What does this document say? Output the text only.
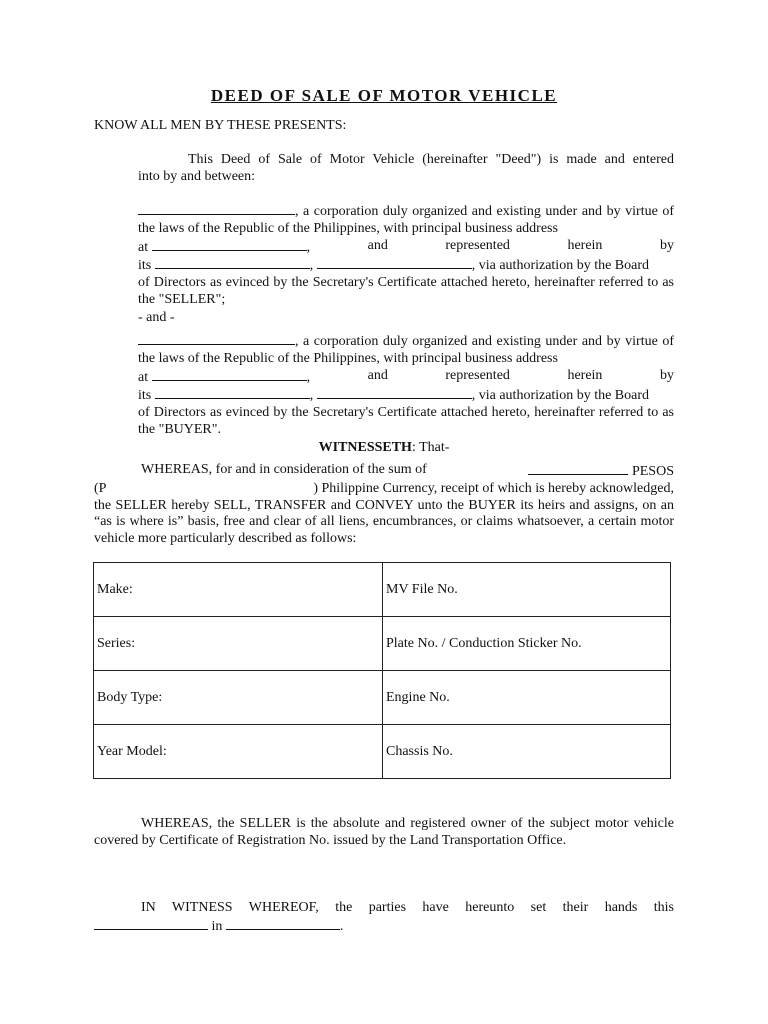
DEED OF SALE OF MOTOR VEHICLE
KNOW ALL MEN BY THESE PRESENTS:
This Deed of Sale of Motor Vehicle (hereinafter "Deed") is made and entered
into by and between:
, a corporation duly organized and existing under and by virtue of the laws of the Republic of the Philippines, with principal business address
at	,	and	represented	herein	by
its	,	, via authorization by the Board
of Directors as evinced by the Secretary's Certificate attached hereto, hereinafter referred to as the "SELLER";
- and -
, a corporation duly organized and existing under and by virtue of the laws of the Republic of the Philippines, with principal business address
at	,	and	represented	herein	by
its	,	, via authorization by the Board
of Directors as evinced by the Secretary's Certificate attached hereto, hereinafter referred to as the "BUYER".
WITNESSETH: That-
WHEREAS, for and in consideration of the sum of	PESOS
(P	) Philippine Currency, receipt of which is hereby acknowledged,
the SELLER hereby SELL, TRANSFER and CONVEY unto the BUYER its heirs and assigns, on an “as is where is” basis, free and clear of all liens, encumbrances, or claims whatsoever, a certain motor vehicle more particularly described as follows:
Make:	MV File No.
Series:	Plate No. / Conduction Sticker No.
Body Type:	Engine No.
Year Model:	Chassis No.
WHEREAS, the SELLER is the absolute and registered owner of the subject motor vehicle covered by Certificate of Registration No. issued by the Land Transportation Office.
IN WITNESS WHEREOF, the parties have hereunto set their hands this
in	.
